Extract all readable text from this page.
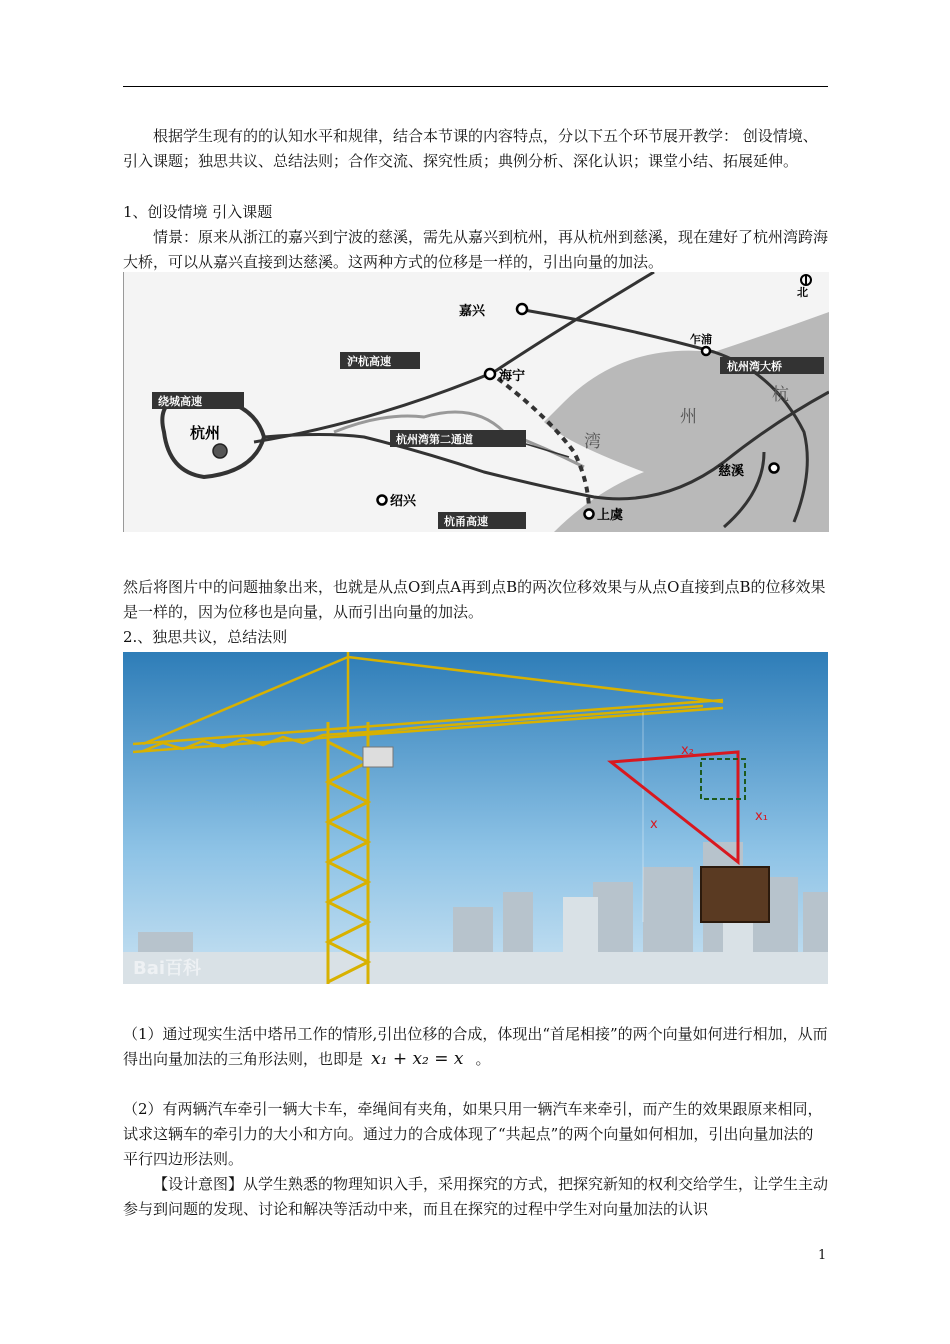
根据学生现有的的认知水平和规律，结合本节课的内容特点，分以下五个环节展开教学： 创设情境、引入课题；独思共议、总结法则；合作交流、探究性质；典例分析、深化认识；课堂小结、拓展延伸。

1、创设情境 引入课题

情景：原来从浙江的嘉兴到宁波的慈溪，需先从嘉兴到杭州，再从杭州到慈溪，现在建好了杭州湾跨海大桥，可以从嘉兴直接到达慈溪。这两种方式的位移是一样的，引出向量的加法。

嘉兴
乍浦
杭州湾大桥
沪杭高速
海宁
绕城高速
杭州	杭州湾第二通道
杭
州
湾
慈溪
绍兴
上虞
杭甬高速
北

然后将图片中的问题抽象出来，也就是从点O到点A再到点B的两次位移效果与从点O直接到点B的位移效果是一样的，因为位移也是向量，从而引出向量的加法。

2.、独思共议，总结法则

x₂
x₁
x
Bai百科

（1）通过现实生活中塔吊工作的情形,引出位移的合成，体现出“首尾相接”的两个向量如何进行相加，从而得出向量加法的三角形法则，也即是 x₁ + x₂ = x 。

（2）有两辆汽车牵引一辆大卡车，牵绳间有夹角，如果只用一辆汽车来牵引，而产生的效果跟原来相同，试求这辆车的牵引力的大小和方向。通过力的合成体现了“共起点”的两个向量如何相加，引出向量加法的平行四边形法则。

【设计意图】从学生熟悉的物理知识入手，采用探究的方式，把探究新知的权利交给学生，让学生主动参与到问题的发现、讨论和解决等活动中来，而且在探究的过程中学生对向量加法的认识

1
